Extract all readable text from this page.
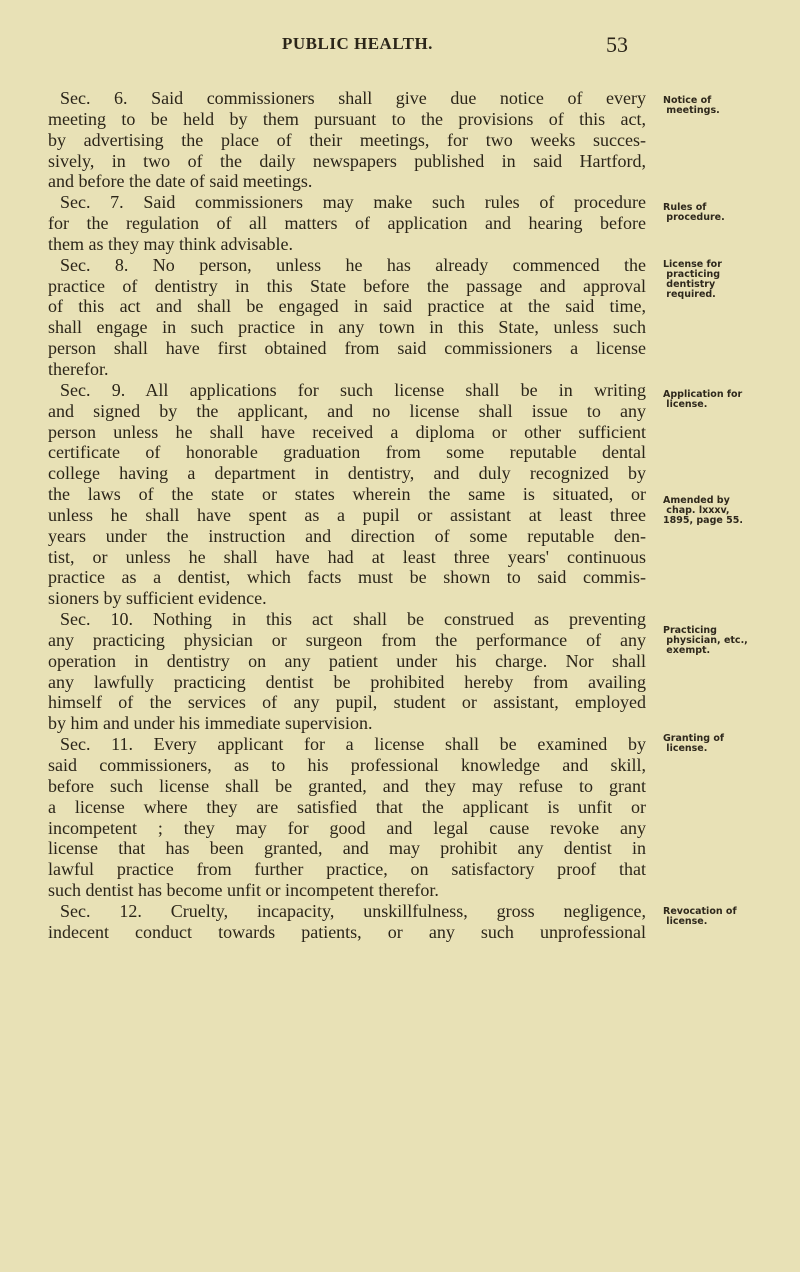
PUBLIC HEALTH.	53
Sec. 6. Said commissioners shall give due notice of every
meeting to be held by them pursuant to the provisions of this act,
by advertising the place of their meetings, for two weeks succes-
sively, in two of the daily newspapers published in said Hartford,
and before the date of said meetings.
Sec. 7. Said commissioners may make such rules of procedure
for the regulation of all matters of application and hearing before
them as they may think advisable.
Sec. 8. No person, unless he has already commenced the
practice of dentistry in this State before the passage and approval
of this act and shall be engaged in said practice at the said time,
shall engage in such practice in any town in this State, unless such
person shall have first obtained from said commissioners a license
therefor.
Sec. 9. All applications for such license shall be in writing
and signed by the applicant, and no license shall issue to any
person unless he shall have received a diploma or other sufficient
certificate of honorable graduation from some reputable dental
college having a department in dentistry, and duly recognized by
the laws of the state or states wherein the same is situated, or
unless he shall have spent as a pupil or assistant at least three
years under the instruction and direction of some reputable den-
tist, or unless he shall have had at least three years' continuous
practice as a dentist, which facts must be shown to said commis-
sioners by sufficient evidence.
Sec. 10. Nothing in this act shall be construed as preventing
any practicing physician or surgeon from the performance of any
operation in dentistry on any patient under his charge. Nor shall
any lawfully practicing dentist be prohibited hereby from availing
himself of the services of any pupil, student or assistant, employed
by him and under his immediate supervision.
Sec. 11. Every applicant for a license shall be examined by
said commissioners, as to his professional knowledge and skill,
before such license shall be granted, and they may refuse to grant
a license where they are satisfied that the applicant is unfit or
incompetent ; they may for good and legal cause revoke any
license that has been granted, and may prohibit any dentist in
lawful practice from further practice, on satisfactory proof that
such dentist has become unfit or incompetent therefor.
Sec. 12. Cruelty, incapacity, unskillfulness, gross negligence,
indecent conduct towards patients, or any such unprofessional
Notice of
meetings.
Rules of
procedure.
License for
practicing
dentistry
required.
Application for
license.
Amended by
chap. lxxxv,
1895, page 55.
Practicing
physician, etc.,
exempt.
Granting of
license.
Revocation of
license.
